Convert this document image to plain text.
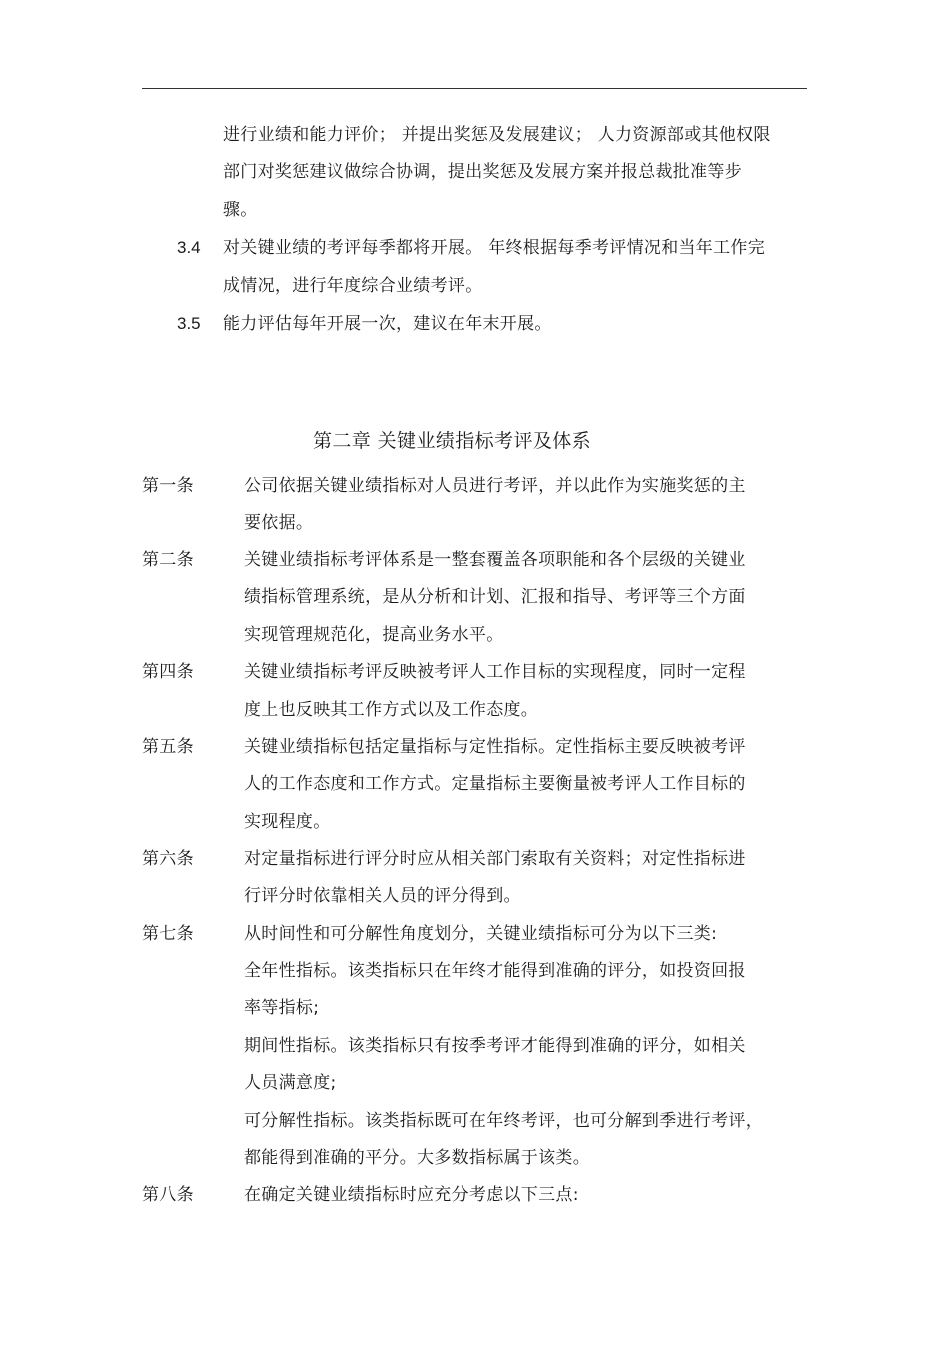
进行业绩和能力评价； 并提出奖惩及发展建议； 人力资源部或其他权限
部门对奖惩建议做综合协调，提出奖惩及发展方案并报总裁批准等步
骤。
3.4 对关键业绩的考评每季都将开展。 年终根据每季考评情况和当年工作完
成情况，进行年度综合业绩考评。
3.5 能力评估每年开展一次，建议在年末开展。
第二章 关键业绩指标考评及体系
第一条	公司依据关键业绩指标对人员进行考评，并以此作为实施奖惩的主
要依据。
第二条	关键业绩指标考评体系是一整套覆盖各项职能和各个层级的关键业
绩指标管理系统，是从分析和计划、汇报和指导、考评等三个方面
实现管理规范化，提高业务水平。
第四条	关键业绩指标考评反映被考评人工作目标的实现程度，同时一定程
度上也反映其工作方式以及工作态度。
第五条	关键业绩指标包括定量指标与定性指标。定性指标主要反映被考评
人的工作态度和工作方式。定量指标主要衡量被考评人工作目标的
实现程度。
第六条	对定量指标进行评分时应从相关部门索取有关资料；对定性指标进
行评分时依靠相关人员的评分得到。
第七条	从时间性和可分解性角度划分，关键业绩指标可分为以下三类:
全年性指标。该类指标只在年终才能得到准确的评分，如投资回报
率等指标;
期间性指标。该类指标只有按季考评才能得到准确的评分，如相关
人员满意度;
可分解性指标。该类指标既可在年终考评，也可分解到季进行考评，
都能得到准确的平分。大多数指标属于该类。
第八条	在确定关键业绩指标时应充分考虑以下三点:
